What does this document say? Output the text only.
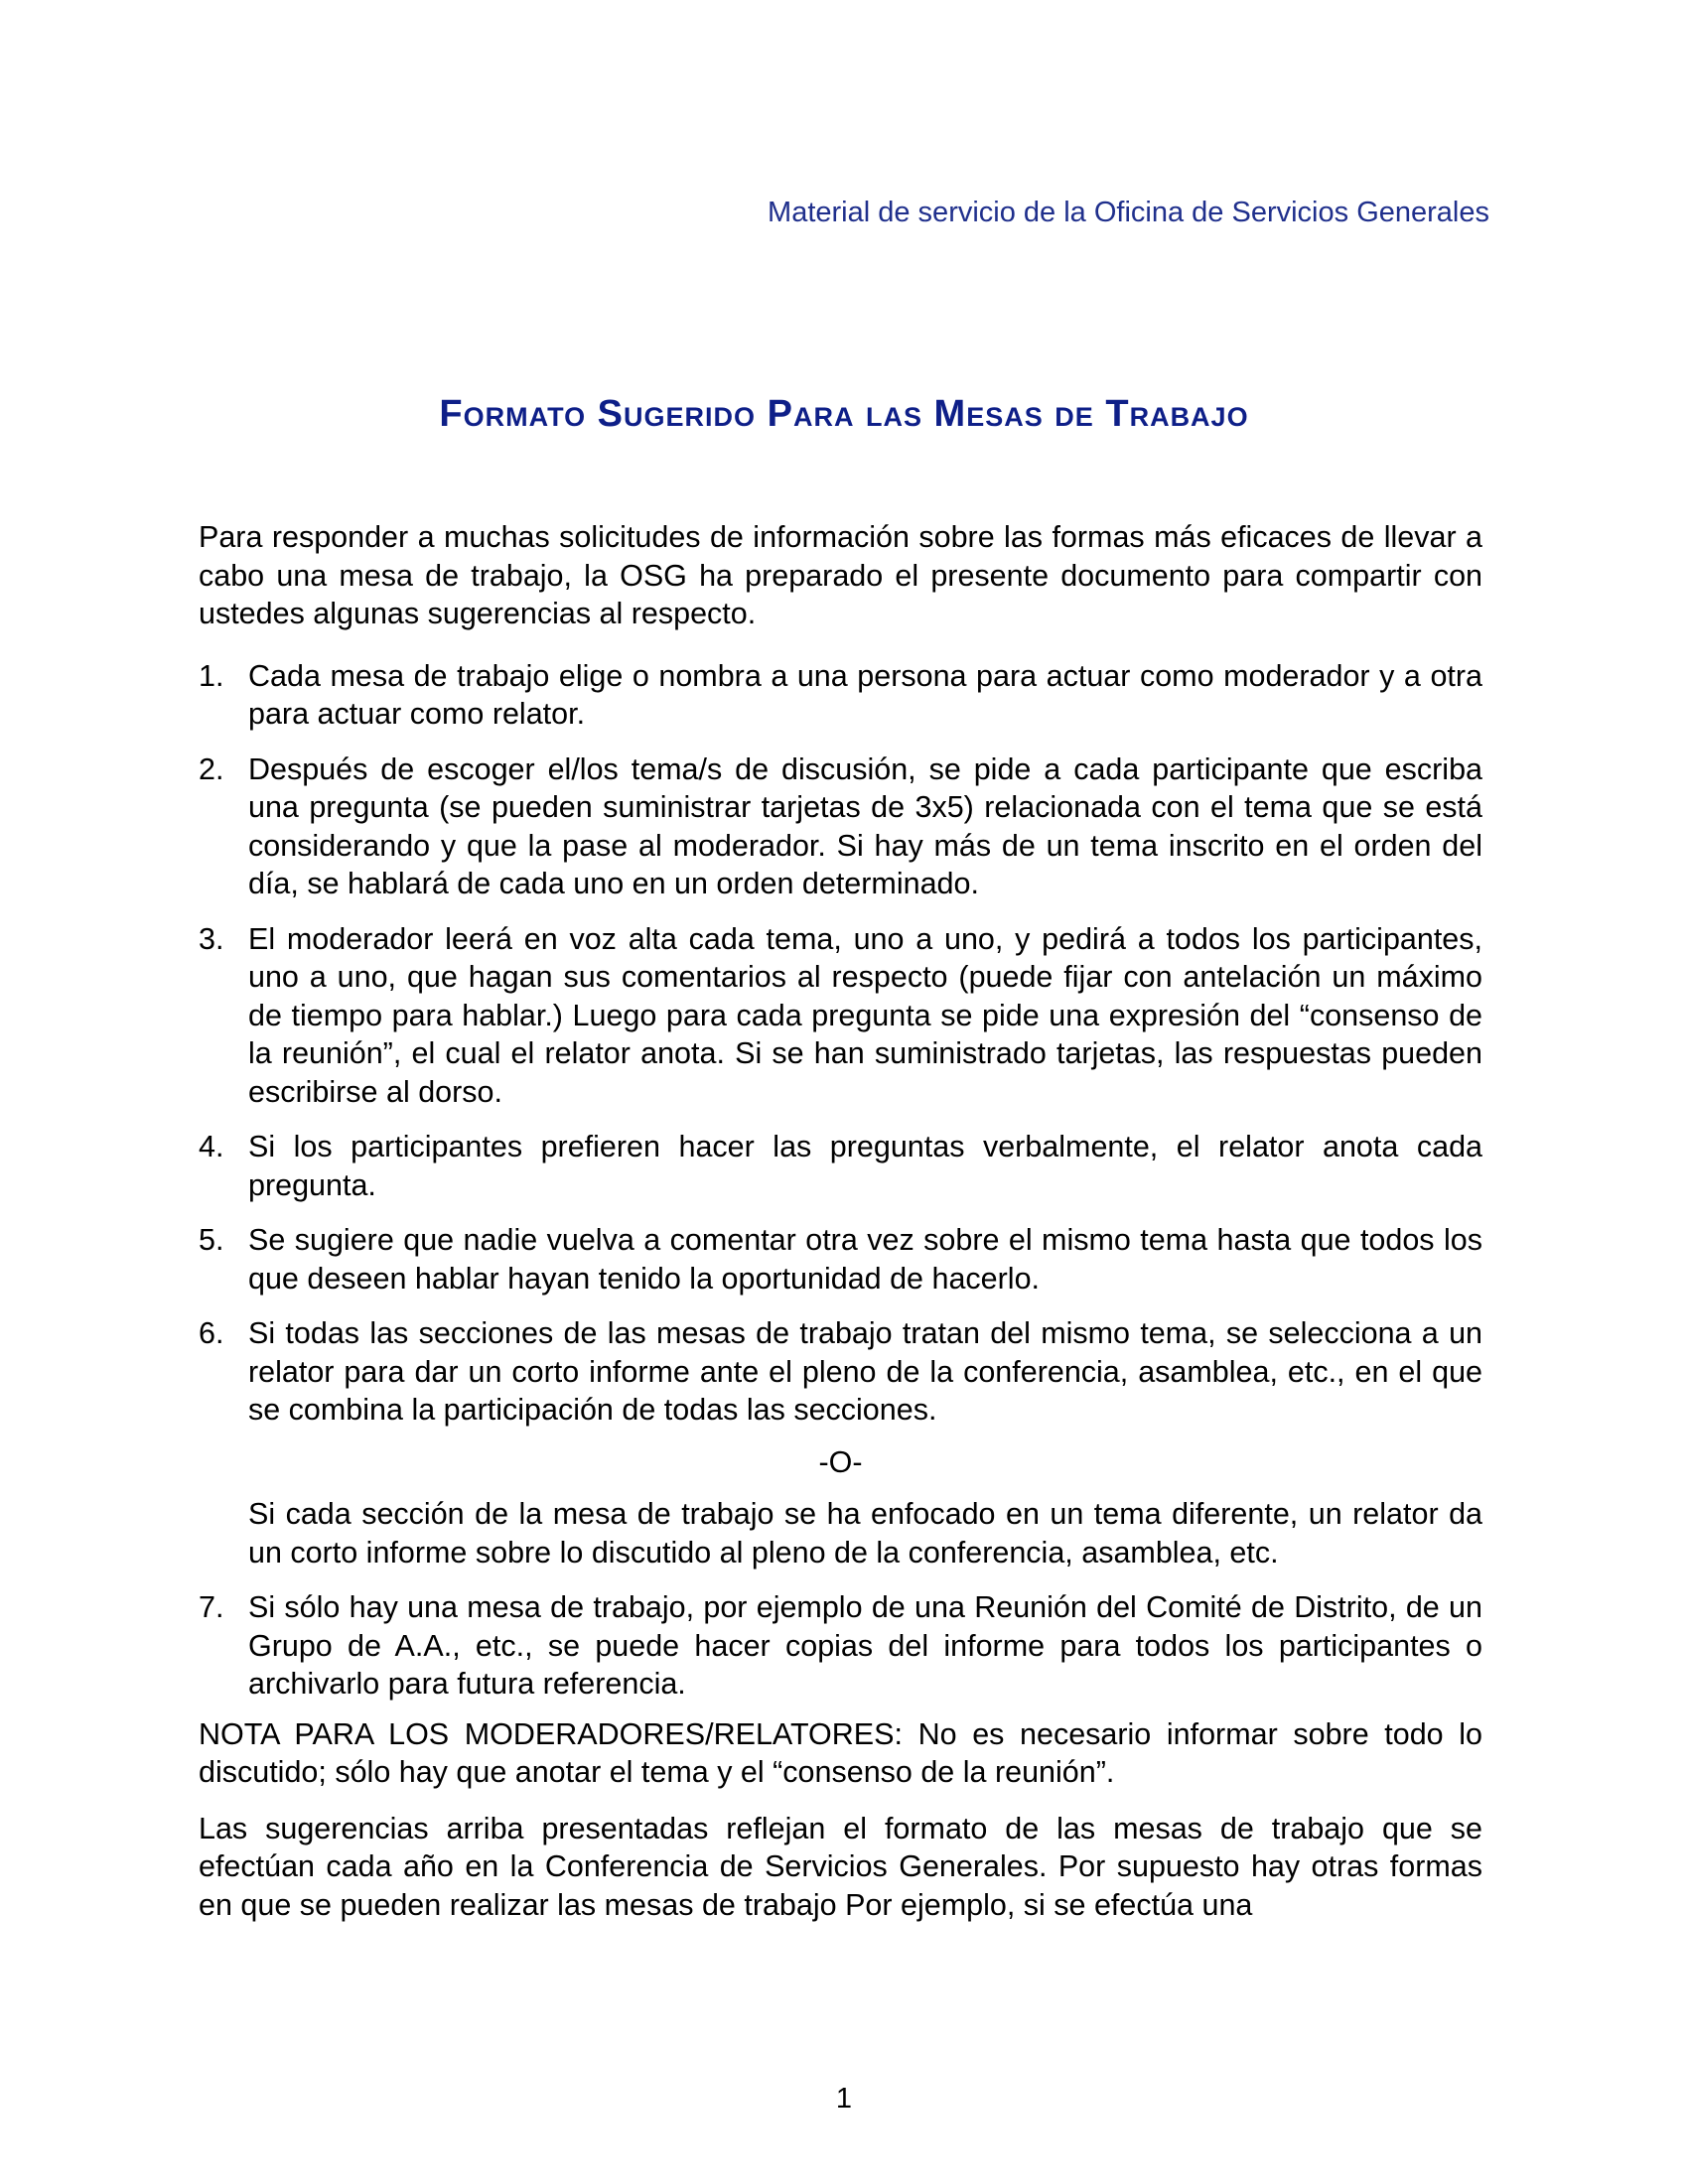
Material de servicio de la Oficina de Servicios Generales
Formato Sugerido Para las Mesas de Trabajo

Para responder a muchas solicitudes de información sobre las formas más eficaces de llevar a cabo una mesa de trabajo, la OSG ha preparado el presente documento para compartir con ustedes algunas sugerencias al respecto.

1. Cada mesa de trabajo elige o nombra a una persona para actuar como moderador y a otra para actuar como relator.
2. Después de escoger el/los tema/s de discusión, se pide a cada participante que escriba una pregunta (se pueden suministrar tarjetas de 3x5) relacionada con el tema que se está considerando y que la pase al moderador. Si hay más de un tema inscrito en el orden del día, se hablará de cada uno en un orden determinado.
3. El moderador leerá en voz alta cada tema, uno a uno, y pedirá a todos los participantes, uno a uno, que hagan sus comentarios al respecto (puede fijar con antelación un máximo de tiempo para hablar.) Luego para cada pregunta se pide una expresión del “consenso de la reunión”, el cual el relator anota. Si se han suministrado tarjetas, las respuestas pueden escribirse al dorso.
4. Si los participantes prefieren hacer las preguntas verbalmente, el relator anota cada pregunta.
5. Se sugiere que nadie vuelva a comentar otra vez sobre el mismo tema hasta que todos los que deseen hablar hayan tenido la oportunidad de hacerlo.
6. Si todas las secciones de las mesas de trabajo tratan del mismo tema, se selecciona a un relator para dar un corto informe ante el pleno de la conferencia, asamblea, etc., en el que se combina la participación de todas las secciones.

-O-

Si cada sección de la mesa de trabajo se ha enfocado en un tema diferente, un relator da un corto informe sobre lo discutido al pleno de la conferencia, asamblea, etc.

7. Si sólo hay una mesa de trabajo, por ejemplo de una Reunión del Comité de Distrito, de un Grupo de A.A., etc., se puede hacer copias del informe para todos los participantes o archivarlo para futura referencia.

NOTA PARA LOS MODERADORES/RELATORES: No es necesario informar sobre todo lo discutido; sólo hay que anotar el tema y el “consenso de la reunión”.

Las sugerencias arriba presentadas reflejan el formato de las mesas de trabajo que se efectúan cada año en la Conferencia de Servicios Generales. Por supuesto hay otras formas en que se pueden realizar las mesas de trabajo Por ejemplo, si se efectúa una

1
